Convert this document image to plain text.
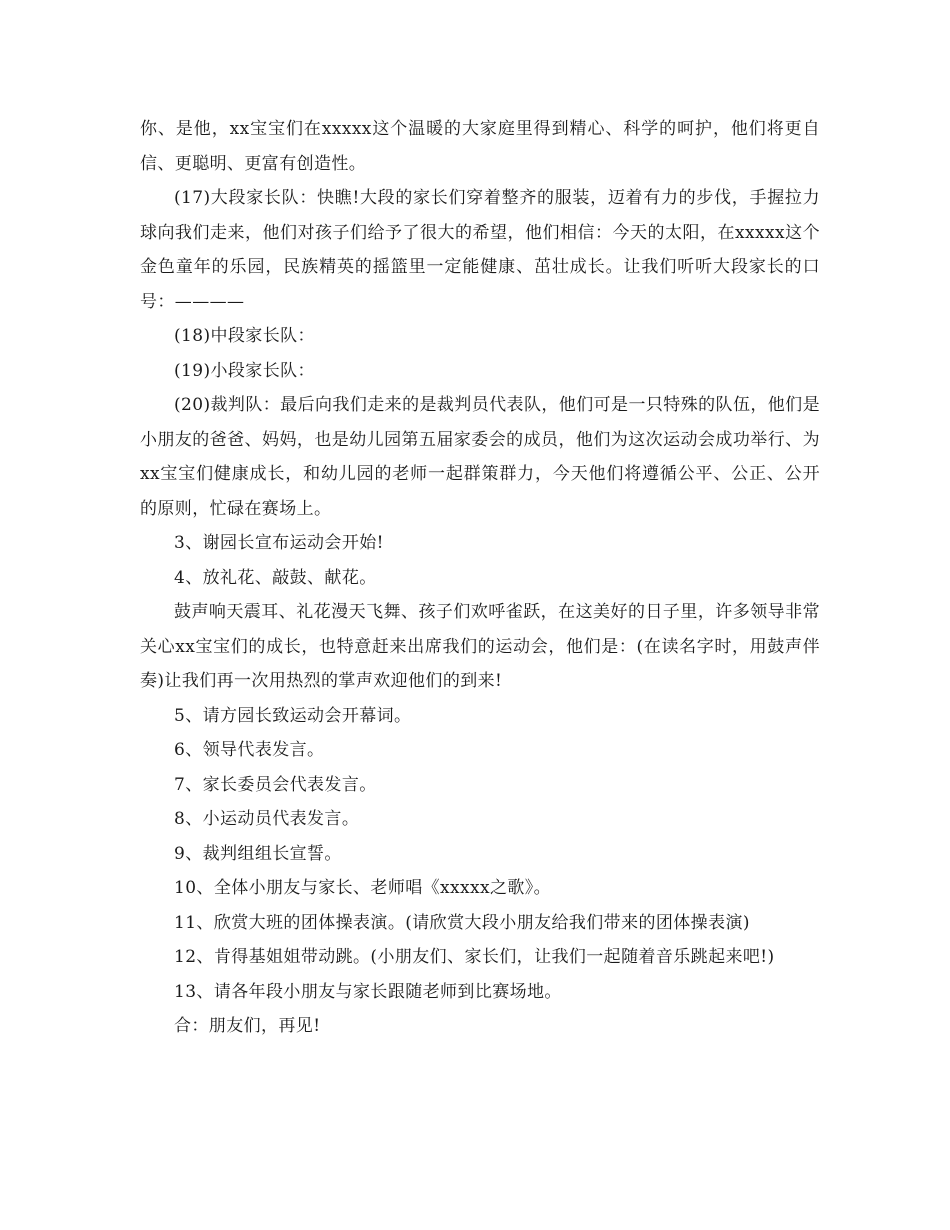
你、是他，xx宝宝们在xxxxx这个温暖的大家庭里得到精心、科学的呵护，他们将更自信、更聪明、更富有创造性。

(17)大段家长队：快瞧!大段的家长们穿着整齐的服装，迈着有力的步伐，手握拉力球向我们走来，他们对孩子们给予了很大的希望，他们相信：今天的太阳，在xxxxx这个金色童年的乐园，民族精英的摇篮里一定能健康、茁壮成长。让我们听听大段家长的口号：————

(18)中段家长队：

(19)小段家长队：

(20)裁判队：最后向我们走来的是裁判员代表队，他们可是一只特殊的队伍，他们是小朋友的爸爸、妈妈，也是幼儿园第五届家委会的成员，他们为这次运动会成功举行、为xx宝宝们健康成长，和幼儿园的老师一起群策群力，今天他们将遵循公平、公正、公开的原则，忙碌在赛场上。

3、谢园长宣布运动会开始!

4、放礼花、敲鼓、献花。

鼓声响天震耳、礼花漫天飞舞、孩子们欢呼雀跃，在这美好的日子里，许多领导非常关心xx宝宝们的成长，也特意赶来出席我们的运动会，他们是：(在读名字时，用鼓声伴奏)让我们再一次用热烈的掌声欢迎他们的到来!

5、请方园长致运动会开幕词。

6、领导代表发言。

7、家长委员会代表发言。

8、小运动员代表发言。

9、裁判组组长宣誓。

10、全体小朋友与家长、老师唱《xxxxx之歌》。

11、欣赏大班的团体操表演。(请欣赏大段小朋友给我们带来的团体操表演)

12、肯得基姐姐带动跳。(小朋友们、家长们，让我们一起随着音乐跳起来吧!)

13、请各年段小朋友与家长跟随老师到比赛场地。

合：朋友们，再见!
